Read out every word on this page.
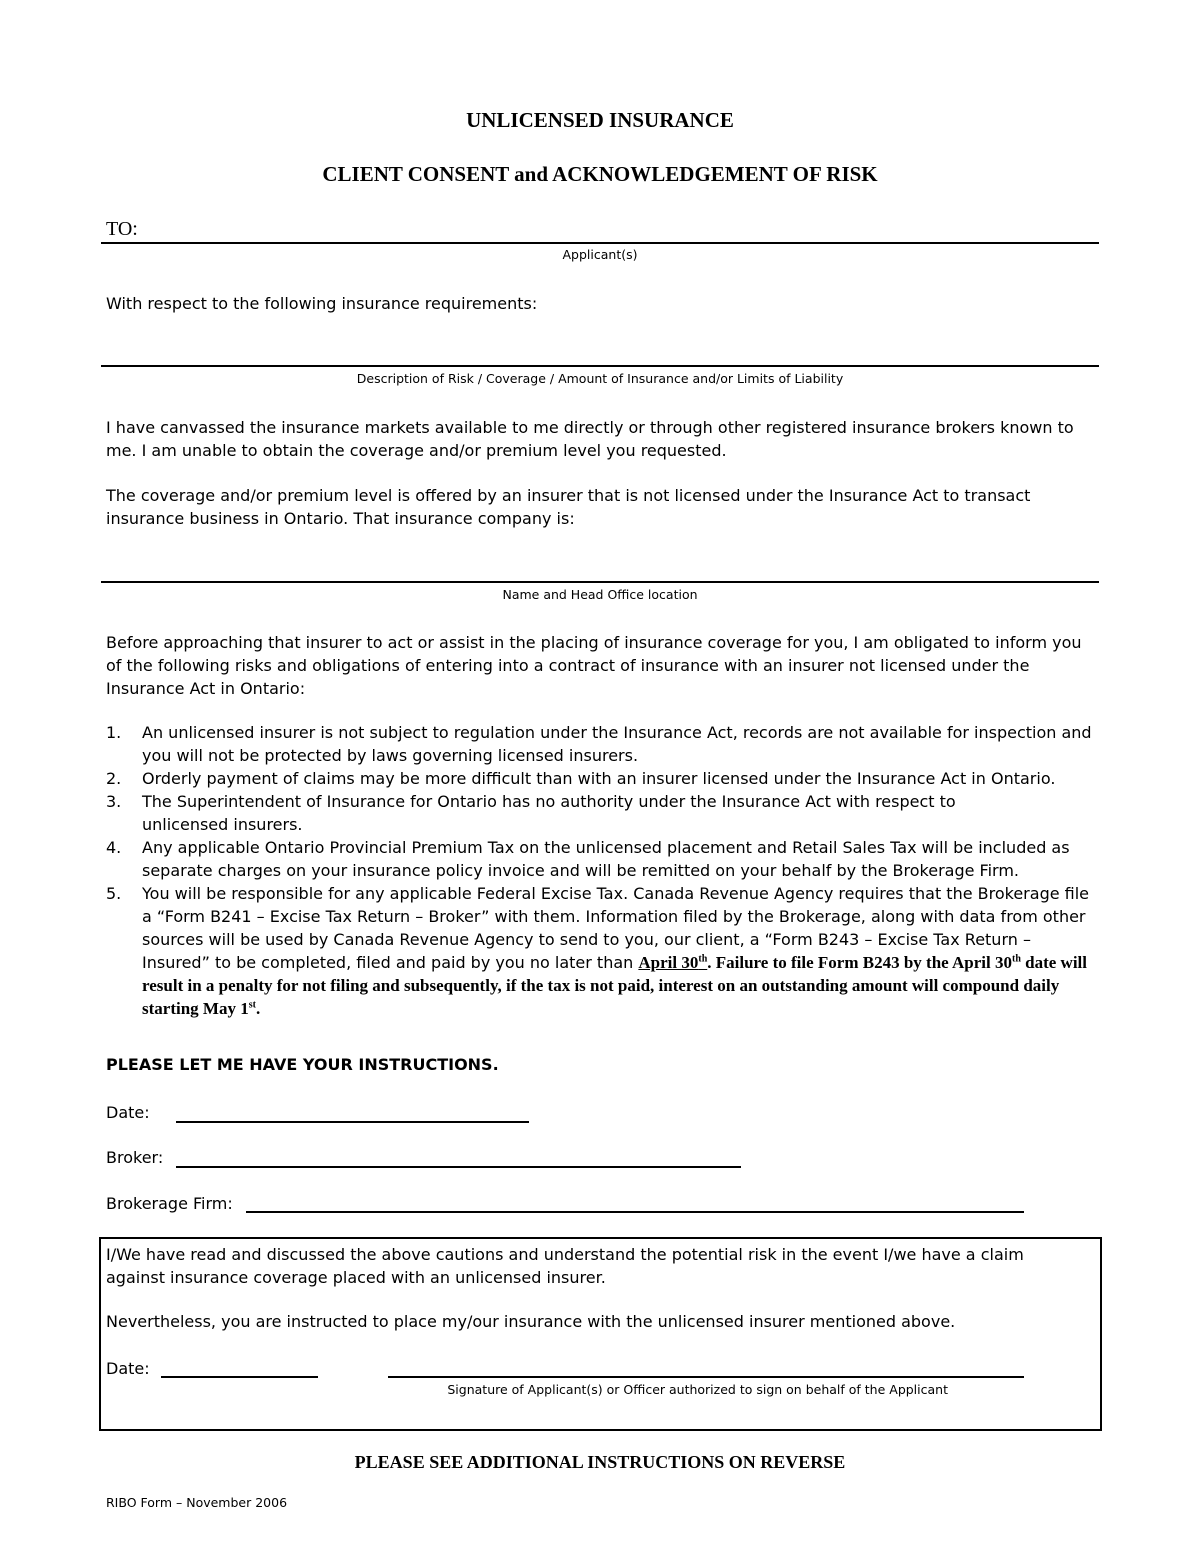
UNLICENSED INSURANCE
CLIENT CONSENT and ACKNOWLEDGEMENT OF RISK
TO:
Applicant(s)
With respect to the following insurance requirements:
Description of Risk / Coverage / Amount of Insurance and/or Limits of Liability
I have canvassed the insurance markets available to me directly or through other registered insurance brokers known to me. I am unable to obtain the coverage and/or premium level you requested.
The coverage and/or premium level is offered by an insurer that is not licensed under the Insurance Act to transact insurance business in Ontario. That insurance company is:
Name and Head Office location
Before approaching that insurer to act or assist in the placing of insurance coverage for you, I am obligated to inform you of the following risks and obligations of entering into a contract of insurance with an insurer not licensed under the Insurance Act in Ontario:
1. An unlicensed insurer is not subject to regulation under the Insurance Act, records are not available for inspection and you will not be protected by laws governing licensed insurers.
2. Orderly payment of claims may be more difficult than with an insurer licensed under the Insurance Act in Ontario.
3. The Superintendent of Insurance for Ontario has no authority under the Insurance Act with respect to unlicensed insurers.
4. Any applicable Ontario Provincial Premium Tax on the unlicensed placement and Retail Sales Tax will be included as separate charges on your insurance policy invoice and will be remitted on your behalf by the Brokerage Firm.
5. You will be responsible for any applicable Federal Excise Tax. Canada Revenue Agency requires that the Brokerage file a “Form B241 – Excise Tax Return – Broker” with them. Information filed by the Brokerage, along with data from other sources will be used by Canada Revenue Agency to send to you, our client, a “Form B243 – Excise Tax Return – Insured” to be completed, filed and paid by you no later than April 30th. Failure to file Form B243 by the April 30th date will result in a penalty for not filing and subsequently, if the tax is not paid, interest on an outstanding amount will compound daily starting May 1st.
PLEASE LET ME HAVE YOUR INSTRUCTIONS.
Date:
Broker:
Brokerage Firm:
I/We have read and discussed the above cautions and understand the potential risk in the event I/we have a claim against insurance coverage placed with an unlicensed insurer.
Nevertheless, you are instructed to place my/our insurance with the unlicensed insurer mentioned above.
Date:
Signature of Applicant(s) or Officer authorized to sign on behalf of the Applicant
PLEASE SEE ADDITIONAL INSTRUCTIONS ON REVERSE
RIBO Form – November 2006
